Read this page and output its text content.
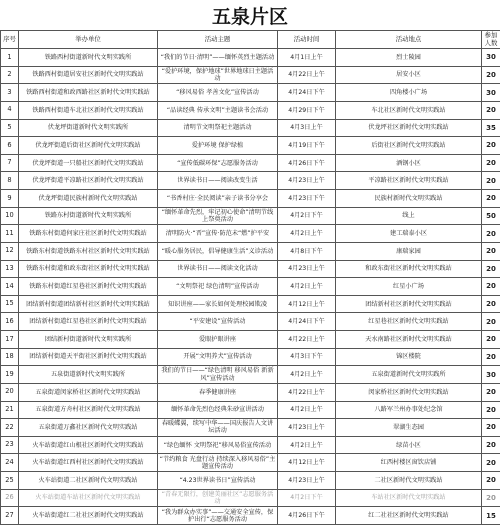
五泉片区
序号	举办单位	活动主题	活动时间	活动地点	参加人数
1	铁路西村街道新时代文明实践所	“我们的节日·清明”——缅怀英烈主题活动	4月1日上午	烈士陵园	30
2	铁路西村街道居安社区新时代文明实践站	“爱护环境，保护地球”世界地球日主题活动	4月22日上午	居安小区	20
3	铁路西村街道和政西路社区新时代文明实践站	“移风易俗 孝善文化”宣传活动	4月24日下午	四角楼小广场	30
4	铁路西村街道车北社区新时代文明实践站	“品读经典 传承文明”主题读书会活动	4月29日下午	车北社区新时代文明实践站	20
5	伏龙坪街道新时代文明实践所	清明节文明祭祀主题活动	4月3日上午	伏龙坪社区新时代文明实践站	35
6	伏龙坪街道后街社区新时代文明实践站	爱护环境 保护绿植	4月19日下午	后街社区新时代文明实践站	20
7	伏龙坪街道一只船社区新时代文明实践站	“宣传低碳环保”志愿服务活动	4月26日下午	酒钢小区	20
8	伏龙坪街道平凉路社区新时代文明实践站	世界读书日——阅读改变生活	4月23日上午	平凉路社区新时代文明实践站	20
9	伏龙坪街道民族村新时代文明实践站	“书香村庄·全民阅读”亲子读书分享会	4月23日下午	民族村新时代文明实践站	20
10	铁路东村街道新时代文明实践所	“缅怀革命先烈，牢记初心使命”清明节线上祭奠活动	4月2日下午	线上	50
11	铁路东村街道何家庄社区新时代文明实践站	清明防火·“晋”宣传·防范未“燃”护平安	4月2日上午	建工瑞泰小区	20
12	铁路东村街道铁路东村社区新时代文明实践站	“暖心服务居民，倡导健康生活”义诊活动	4月8日下午	康瑞家园	20
13	铁路东村街道和政东街社区新时代文明实践站	世界读书日——阅读文化活动	4月23日上午	和政东街社区新时代文明实践站	20
14	铁路东村街道红星巷社区新时代文明实践站	“文明祭祀 绿色清明”宣传活动	4月2日上午	红星小广场	20
15	团结新村街道团结新村社区新时代文明实践站	知识讲座——家长如何处理校园欺凌	4月12日上午	团结新村社区新时代文明实践站	20
16	团结新村街道红星巷社区新时代文明实践站	“平安建设”宣传活动	4月24日下午	红星巷社区新时代文明实践站	20
17	团结新村街道新时代文明实践所	爱眼护眼讲座	4月22日上午	天水南路社区新时代文明实践站	20
18	团结新村街道天平街社区新时代文明实践站	开展“文明养犬”宣传活动	4月3日下午	锦区楼院	20
19	五泉街道新时代文明实践所	我们的节日——“绿色清明 移风易俗 新新风”宣传活动	4月2日上午	五泉街道新时代文明实践所	30
20	五泉街道闵家桥社区新时代文明实践站	春季健康讲座	4月22日上午	闵家桥社区新时代文明实践站	20
21	五泉街道方舟村社区新时代文明实践站	缅怀革命先烈色经典朱砂宣讲活动	4月2日上午	八路军兰州办事处纪念馆	20
22	五泉街道万鑫社区新时代文明实践站	春暖蝶翼，续写中华——国庆报告人文讲坛活动	4月23日上午	翠湖生态园	20
23	火车站街道红山根社区新时代文明实践站	“绿色缅怀 文明祭祀”移风易俗宣传活动	4月2日上午	绿苗小区	20
24	火车站街道红西村社区新时代文明实践站	“节约粮食 光盘行动 持续深入移风易俗”主题宣传活动	4月12日上午	红西村楼区窗饮店铺	20
25	火车站街道二社区新时代文明实践站	“4.23世界读书日”宣传活动	4月23日上午	二社区新时代文明实践站	20
26	火车站街道车站社区新时代文明实践站	“青春无限行，创建美丽社区”志愿服务活动	4月2日下午	车站社区新时代文明实践站	20
27	火车站街道红二社社区新时代文明实践站	“我为群众办实事”——交通安全宣传，保护出行“志愿服务活动	4月26日下午	红二社社区新时代文明实践站	15
